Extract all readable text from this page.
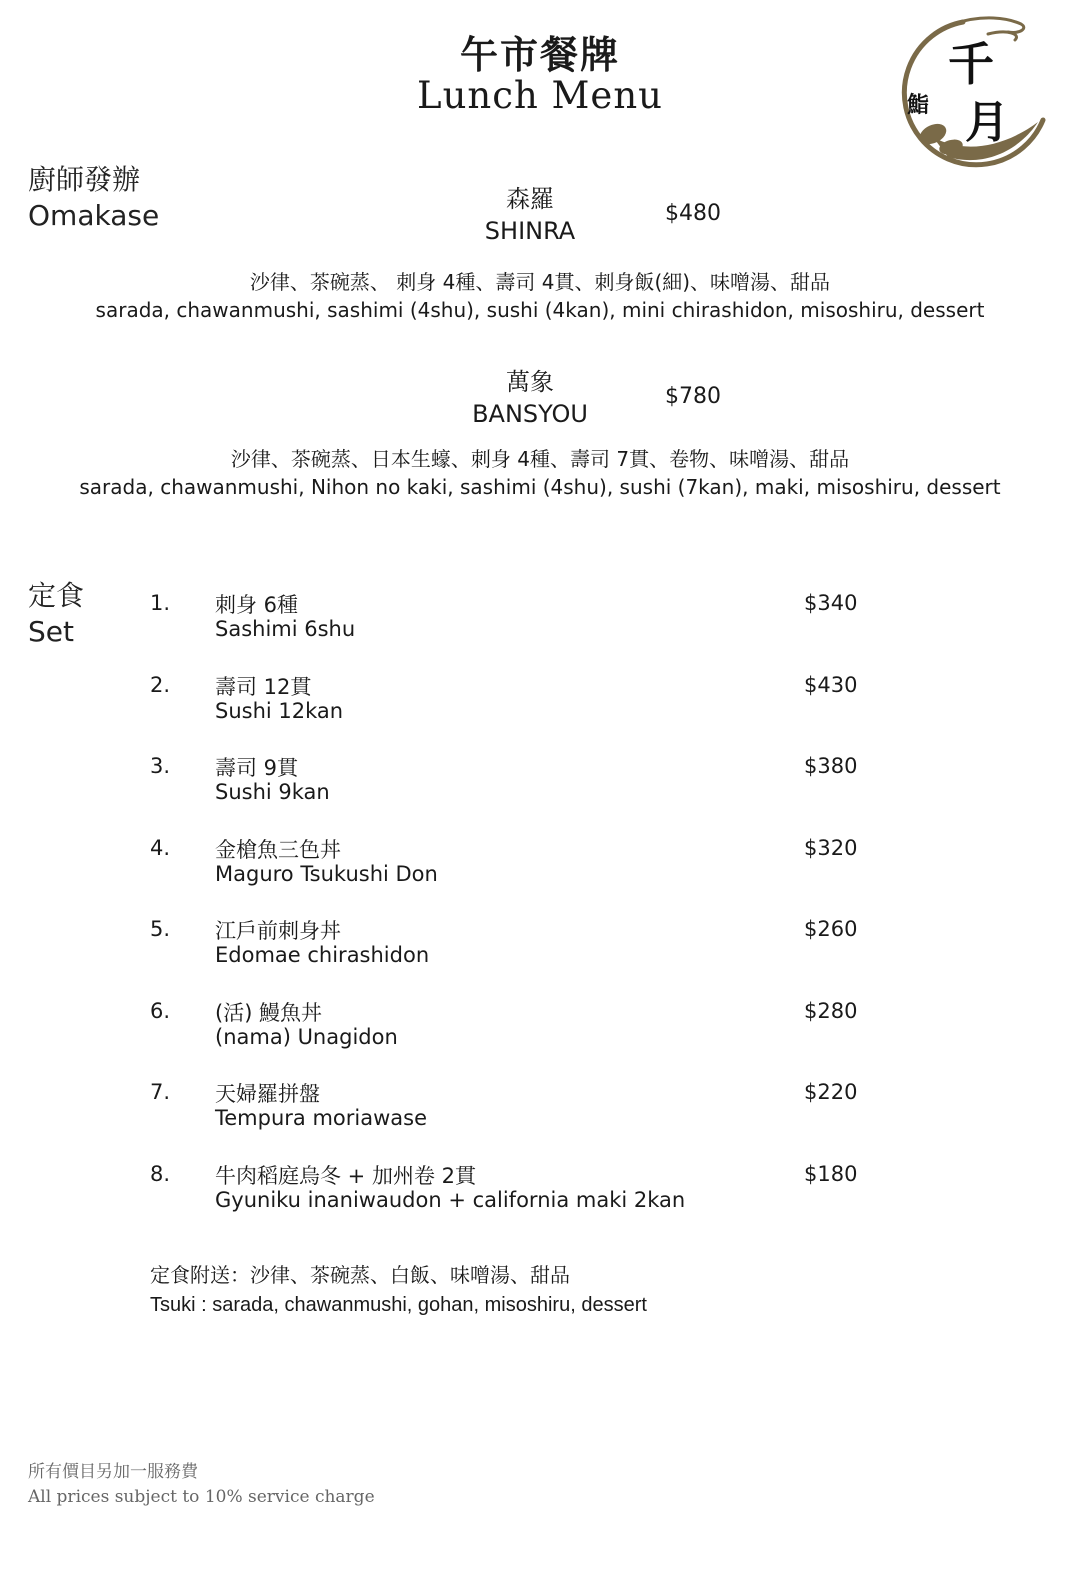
午市餐牌
Lunch Menu
千
月
鮨
廚師發辦
Omakase	森羅
SHINRA
$480
沙律、茶碗蒸、 刺身 4種、壽司 4貫、刺身飯(細)、味噌湯、甜品
sarada, chawanmushi, sashimi (4shu), sushi (4kan), mini chirashidon, misoshiru, dessert
萬象
BANSYOU
$780
沙律、茶碗蒸、日本生蠔、刺身 4種、壽司 7貫、卷物、味噌湯、甜品
sarada, chawanmushi, Nihon no kaki, sashimi (4shu), sushi (7kan), maki, misoshiru, dessert
定食
Set
1. 刺身 6種
Sashimi 6shu
$340
2. 壽司 12貫
Sushi 12kan
$430
3. 壽司 9貫
Sushi 9kan
$380
4. 金槍魚三色丼
Maguro Tsukushi Don
$320
5. 江戶前刺身丼
Edomae chirashidon
$260
6. (活) 鰻魚丼
(nama) Unagidon
$280
7. 天婦羅拼盤
Tempura moriawase
$220
8. 牛肉稻庭烏冬 + 加州卷 2貫
Gyuniku inaniwaudon + california maki 2kan
$180
定食附送：沙律、茶碗蒸、白飯、味噌湯、甜品
Tsuki : sarada, chawanmushi, gohan, misoshiru, dessert
所有價目另加一服務費
All prices subject to 10% service charge
